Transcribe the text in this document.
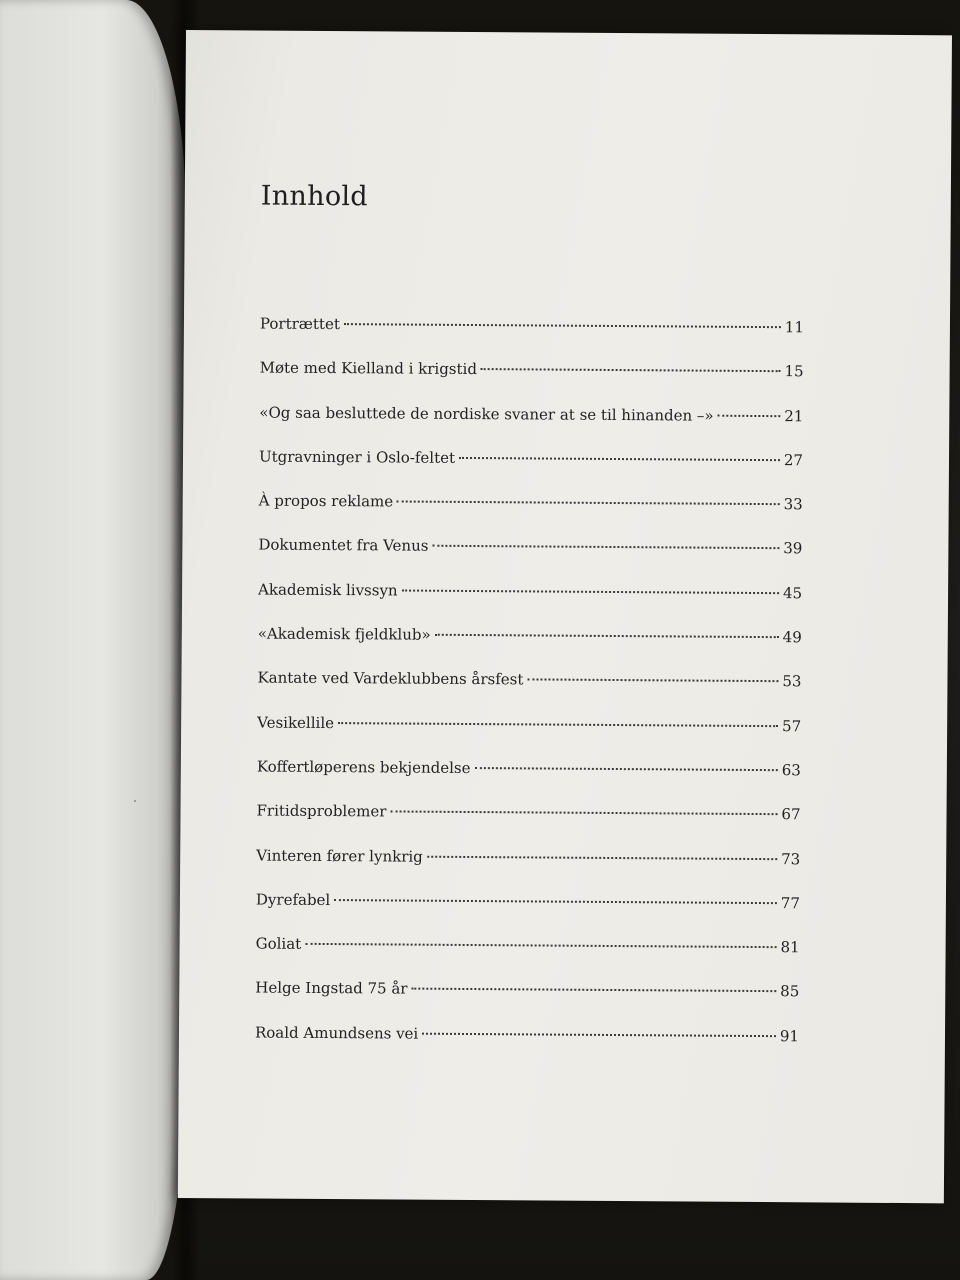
Innhold
Portrættet	11
Møte med Kielland i krigstid	15
«Og saa besluttede de nordiske svaner at se til hinanden –»	21
Utgravninger i Oslo-feltet	27
À propos reklame	33
Dokumentet fra Venus	39
Akademisk livssyn	45
«Akademisk fjeldklub»	49
Kantate ved Vardeklubbens årsfest	53
Vesikellile	57
Koffertløperens bekjendelse	63
Fritidsproblemer	67
Vinteren fører lynkrig	73
Dyrefabel	77
Goliat	81
Helge Ingstad 75 år	85
Roald Amundsens vei	91
